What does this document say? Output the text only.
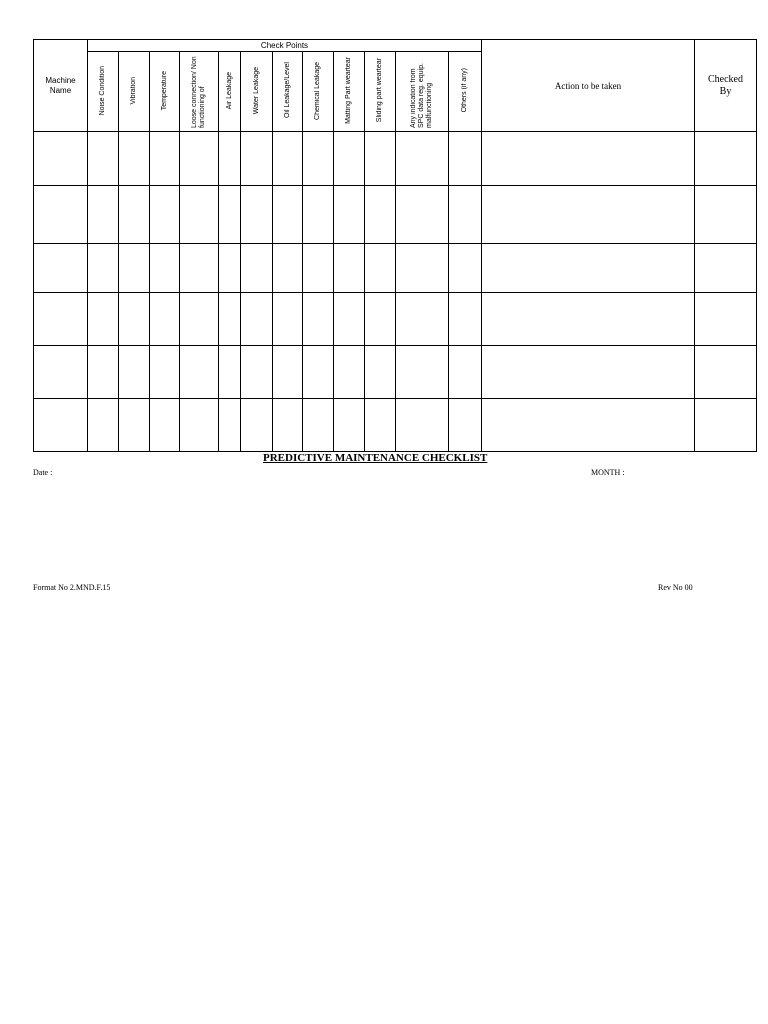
Machine Name	Check Points												Action to be taken	Checked By
	Noise Condition	Vibration	Temperature	Loose connection/ Non functioning of	Air Leakage	Water Leakage	Oil Leakage/Level	Chemical Leakage	Matting Part weartear	Sliding part weartear	Any indication from SPC data reg. equip. malfunctioning	Others (if any)		

PREDICTIVE MAINTENANCE CHECKLIST
Date :	MONTH :
Format No 2.MND.F.15	Rev No 00
